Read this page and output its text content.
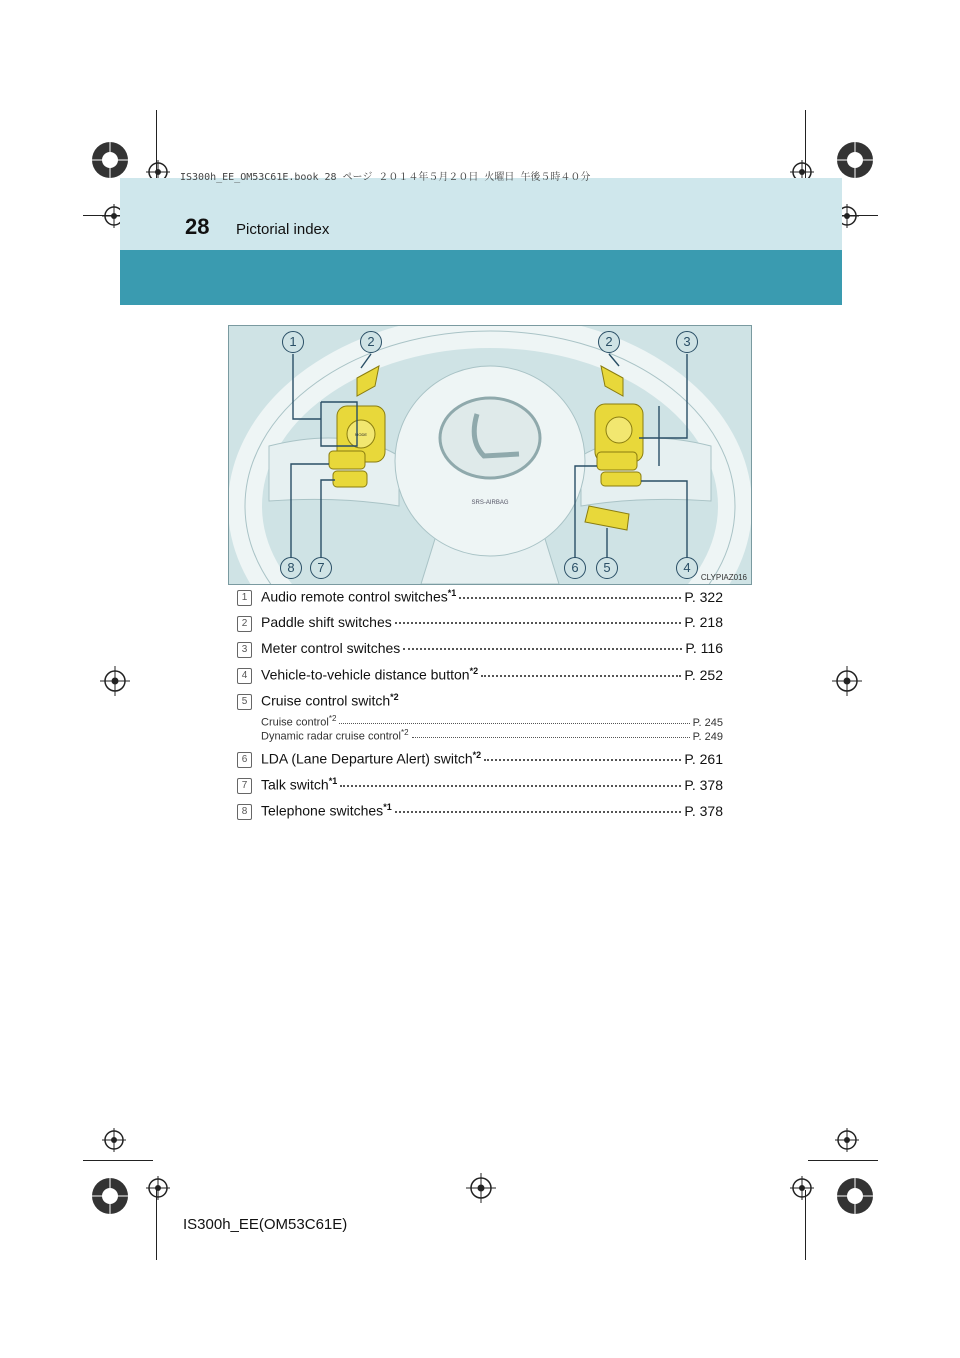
IS300h_EE_OM53C61E.book 28 ページ ２０１４年５月２０日 火曜日 午後５時４０分
28 Pictorial index
SRS-AIRBAG
MODE
1	2	2	3
8	7	6	5	4
CLYPIAZ016
1 Audio remote control switches$^{*1}$	P. 322
2 Paddle shift switches	P. 218
3 Meter control switches	P. 116
4 Vehicle-to-vehicle distance button$^{*2}$	P. 252
5 Cruise control switch$^{*2}$
Cruise control$^{*2}$	P. 245
Dynamic radar cruise control$^{*2}$	P. 249
6 LDA (Lane Departure Alert) switch$^{*2}$	P. 261
7 Talk switch$^{*1}$	P. 378
8 Telephone switches$^{*1}$	P. 378
IS300h_EE(OM53C61E)
